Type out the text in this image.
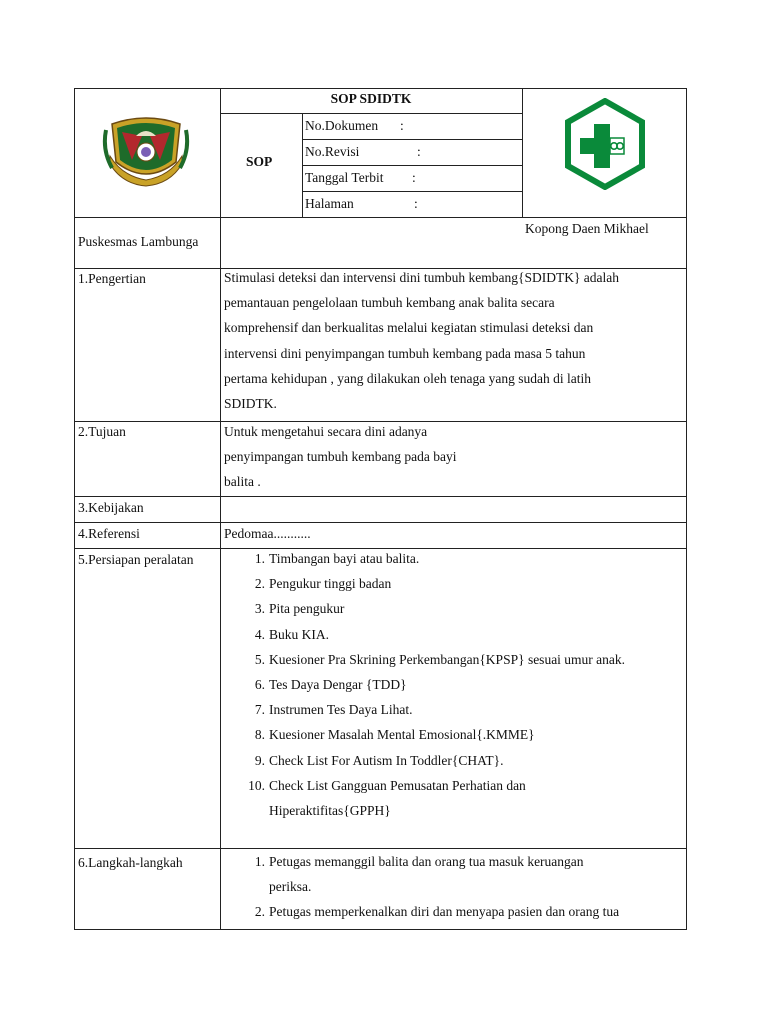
SOP SDIDTK
SOP
No.Dokumen :
No.Revisi	:
Tanggal Terbit :
Halaman	:
Puskesmas Lambunga
Kopong Daen Mikhael
1.Pengertian	Stimulasi deteksi dan intervensi dini tumbuh kembang{SDIDTK} adalah
pemantauan pengelolaan tumbuh kembang anak balita secara
komprehensif dan berkualitas melalui kegiatan stimulasi deteksi dan
intervensi dini penyimpangan tumbuh kembang pada masa 5 tahun
pertama kehidupan , yang dilakukan oleh tenaga yang sudah di latih
SDIDTK.
2.Tujuan	Untuk mengetahui secara dini adanya
penyimpangan tumbuh kembang pada bayi
balita .
3.Kebijakan
4.Referensi	Pedomaa...........
5.Persiapan peralatan	1. Timbangan bayi atau balita.
2. Pengukur tinggi badan
3. Pita pengukur
4. Buku KIA.
5. Kuesioner Pra Skrining Perkembangan{KPSP} sesuai umur anak.
6. Tes Daya Dengar {TDD}
7. Instrumen Tes Daya Lihat.
8. Kuesioner Masalah Mental Emosional{.KMME}
9. Check List For Autism In Toddler{CHAT}.
10. Check List Gangguan Pemusatan Perhatian dan
Hiperaktifitas{GPPH}
6.Langkah-langkah	1. Petugas memanggil balita dan orang tua masuk keruangan
periksa.
2. Petugas memperkenalkan diri dan menyapa pasien dan orang tua
